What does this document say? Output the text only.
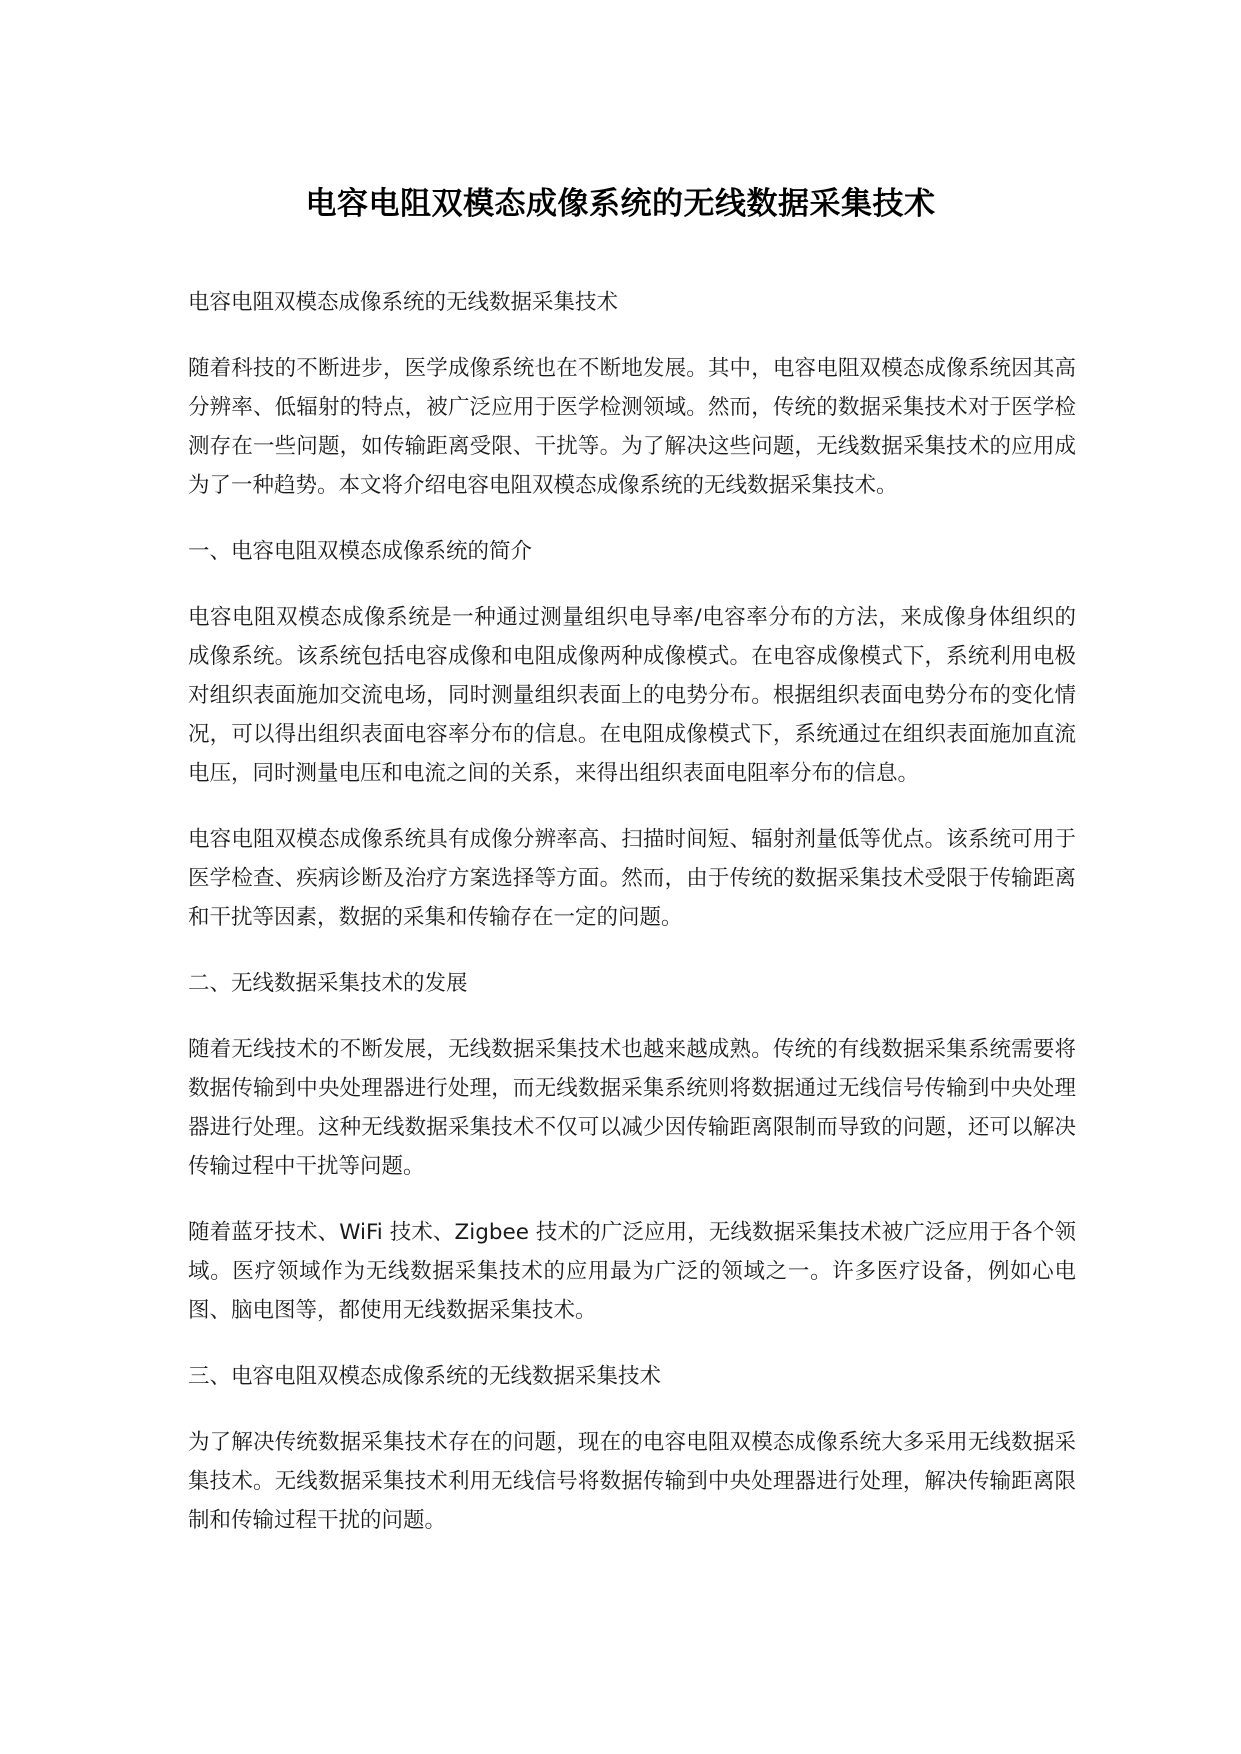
电容电阻双模态成像系统的无线数据采集技术

电容电阻双模态成像系统的无线数据采集技术

随着科技的不断进步，医学成像系统也在不断地发展。其中，电容电阻双模态成像系统因其高分辨率、低辐射的特点，被广泛应用于医学检测领域。然而，传统的数据采集技术对于医学检测存在一些问题，如传输距离受限、干扰等。为了解决这些问题，无线数据采集技术的应用成为了一种趋势。本文将介绍电容电阻双模态成像系统的无线数据采集技术。

一、电容电阻双模态成像系统的简介

电容电阻双模态成像系统是一种通过测量组织电导率/电容率分布的方法，来成像身体组织的成像系统。该系统包括电容成像和电阻成像两种成像模式。在电容成像模式下，系统利用电极对组织表面施加交流电场，同时测量组织表面上的电势分布。根据组织表面电势分布的变化情况，可以得出组织表面电容率分布的信息。在电阻成像模式下，系统通过在组织表面施加直流电压，同时测量电压和电流之间的关系，来得出组织表面电阻率分布的信息。

电容电阻双模态成像系统具有成像分辨率高、扫描时间短、辐射剂量低等优点。该系统可用于医学检查、疾病诊断及治疗方案选择等方面。然而，由于传统的数据采集技术受限于传输距离和干扰等因素，数据的采集和传输存在一定的问题。

二、无线数据采集技术的发展

随着无线技术的不断发展，无线数据采集技术也越来越成熟。传统的有线数据采集系统需要将数据传输到中央处理器进行处理，而无线数据采集系统则将数据通过无线信号传输到中央处理器进行处理。这种无线数据采集技术不仅可以减少因传输距离限制而导致的问题，还可以解决传输过程中干扰等问题。

随着蓝牙技术、WiFi 技术、Zigbee 技术的广泛应用，无线数据采集技术被广泛应用于各个领域。医疗领域作为无线数据采集技术的应用最为广泛的领域之一。许多医疗设备，例如心电图、脑电图等，都使用无线数据采集技术。

三、电容电阻双模态成像系统的无线数据采集技术

为了解决传统数据采集技术存在的问题，现在的电容电阻双模态成像系统大多采用无线数据采集技术。无线数据采集技术利用无线信号将数据传输到中央处理器进行处理，解决传输距离限制和传输过程干扰的问题。
